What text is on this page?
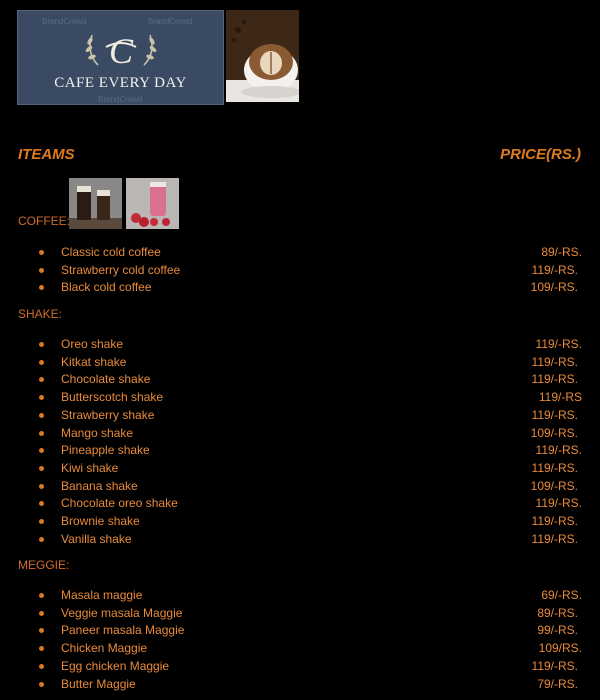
BrandCrowd	BrandCrowd
BrandCrowd
C
CAFE EVERY DAY
ITEAMS	PRICE(RS.)
COFFEE:
Classic cold coffee	89/-RS.
Strawberry cold coffee	119/-RS.
Black cold coffee	109/-RS.
SHAKE:
Oreo shake	119/-RS.
Kitkat shake	119/-RS.
Chocolate shake	119/-RS.
Butterscotch shake	119/-RS
Strawberry shake	119/-RS.
Mango shake	109/-RS.
Pineapple shake	119/-RS.
Kiwi shake	119/-RS.
Banana shake	109/-RS.
Chocolate oreo shake	119/-RS.
Brownie shake	119/-RS.
Vanilla shake	119/-RS.
MEGGIE:
Masala maggie	69/-RS.
Veggie masala Maggie	89/-RS.
Paneer masala Maggie	99/-RS.
Chicken Maggie	109/RS.
Egg chicken Maggie	119/-RS.
Butter Maggie	79/-RS.
